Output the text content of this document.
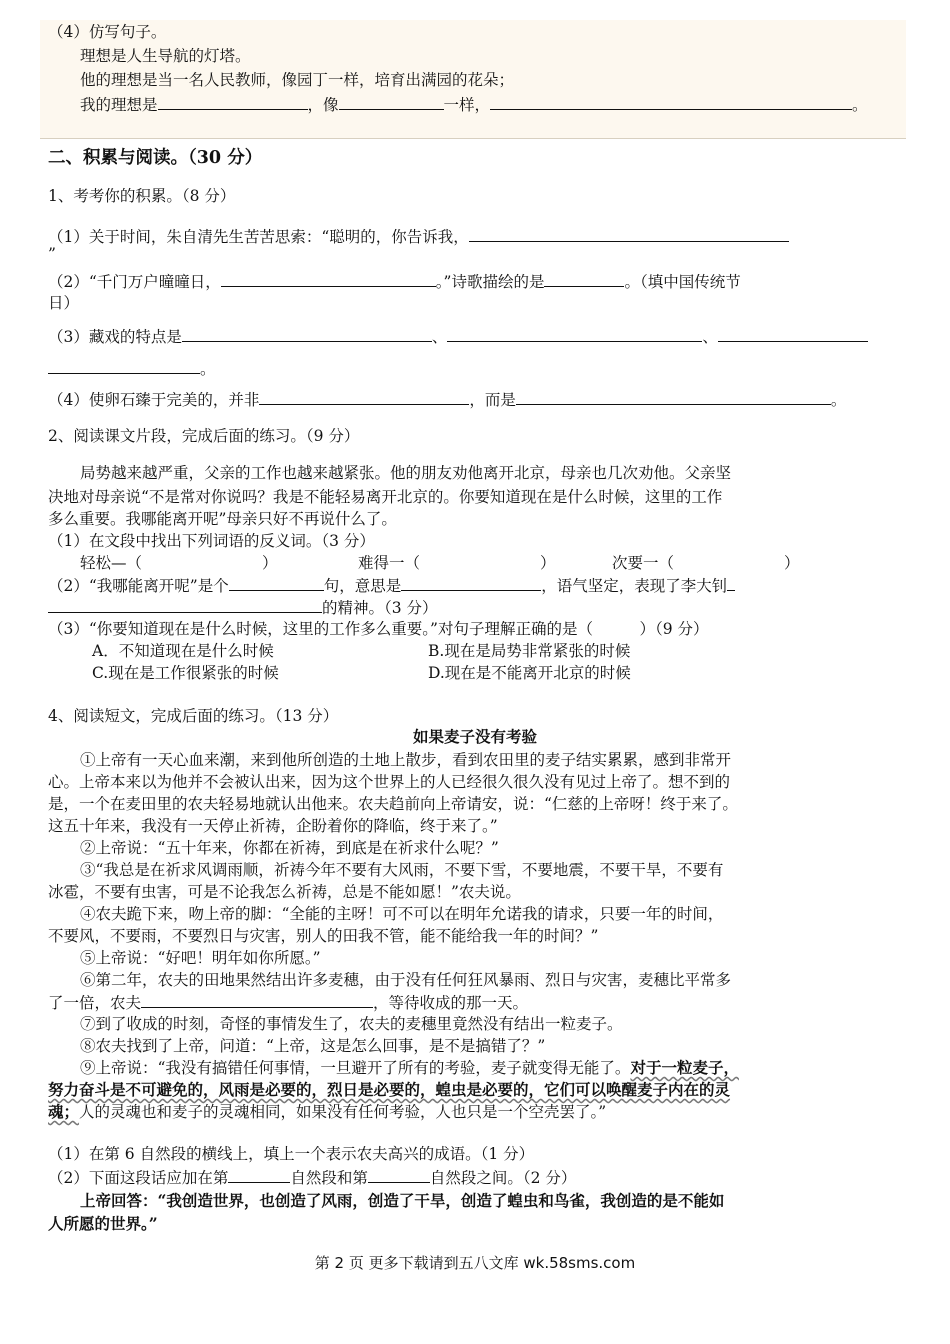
（4）仿写句子。
理想是人生导航的灯塔。
他的理想是当一名人民教师，像园丁一样，培育出满园的花朵；
我的理想是	，像	一样，	。
二、积累与阅读。（30 分）
1、考考你的积累。（8 分）
（1）关于时间，朱自清先生苦苦思索：“聪明的，你告诉我，
”
（2）“千门万户曈曈日，	。”诗歌描绘的是	。（填中国传统节
日）
（3）藏戏的特点是	、	、
。
（4）使卵石臻于完美的，并非	，而是	。
2、阅读课文片段，完成后面的练习。（9 分）
局势越来越严重，父亲的工作也越来越紧张。他的朋友劝他离开北京，母亲也几次劝他。父亲坚
决地对母亲说“不是常对你说吗？我是不能轻易离开北京的。你要知道现在是什么时候，这里的工作
多么重要。我哪能离开呢”母亲只好不再说什么了。
（1）在文段中找出下列词语的反义词。（3 分）
轻松—（	）	难得一（	）	次要一（	）
（2）“我哪能离开呢”是个	句，意思是	，语气坚定，表现了李大钊
的精神。（3 分）
（3）“你要知道现在是什么时候，这里的工作多么重要。”对句子理解正确的是（　　　）（9 分）
A．不知道现在是什么时候	B.现在是局势非常紧张的时候
C.现在是工作很紧张的时候	D.现在是不能离开北京的时候
4、阅读短文，完成后面的练习。（13 分）
如果麦子没有考验
①上帝有一天心血来潮，来到他所创造的土地上散步，看到农田里的麦子结实累累，感到非常开
心。上帝本来以为他并不会被认出来，因为这个世界上的人已经很久很久没有见过上帝了。想不到的
是，一个在麦田里的农夫轻易地就认出他来。农夫趋前向上帝请安，说：“仁慈的上帝呀！终于来了。
这五十年来，我没有一天停止祈祷，企盼着你的降临，终于来了。”
②上帝说：“五十年来，你都在祈祷，到底是在祈求什么呢？”
③“我总是在祈求风调雨顺，祈祷今年不要有大风雨，不要下雪，不要地震，不要干旱，不要有
冰雹，不要有虫害，可是不论我怎么祈祷，总是不能如愿！”农夫说。
④农夫跪下来，吻上帝的脚：“全能的主呀！可不可以在明年允诺我的请求，只要一年的时间，
不要风，不要雨，不要烈日与灾害，别人的田我不管，能不能给我一年的时间？”
⑤上帝说：“好吧！明年如你所愿。”
⑥第二年，农夫的田地果然结出许多麦穗，由于没有任何狂风暴雨、烈日与灾害，麦穗比平常多
了一倍，农夫	，等待收成的那一天。
⑦到了收成的时刻，奇怪的事情发生了，农夫的麦穗里竟然没有结出一粒麦子。
⑧农夫找到了上帝，问道：“上帝，这是怎么回事，是不是搞错了？”
⑨上帝说：“我没有搞错任何事情，一旦避开了所有的考验，麦子就变得无能了。对于一粒麦子，
努力奋斗是不可避免的，风雨是必要的，烈日是必要的，蝗虫是必要的，它们可以唤醒麦子内在的灵
魂；人的灵魂也和麦子的灵魂相同，如果没有任何考验，人也只是一个空壳罢了。”
（1）在第 6 自然段的横线上，填上一个表示农夫高兴的成语。（1 分）
（2）下面这段话应加在第	自然段和第	自然段之间。（2 分）
上帝回答：“我创造世界，也创造了风雨，创造了干旱，创造了蝗虫和鸟雀，我创造的是不能如
人所愿的世界。”
第 2 页 更多下载请到五八文库 wk.58sms.com
